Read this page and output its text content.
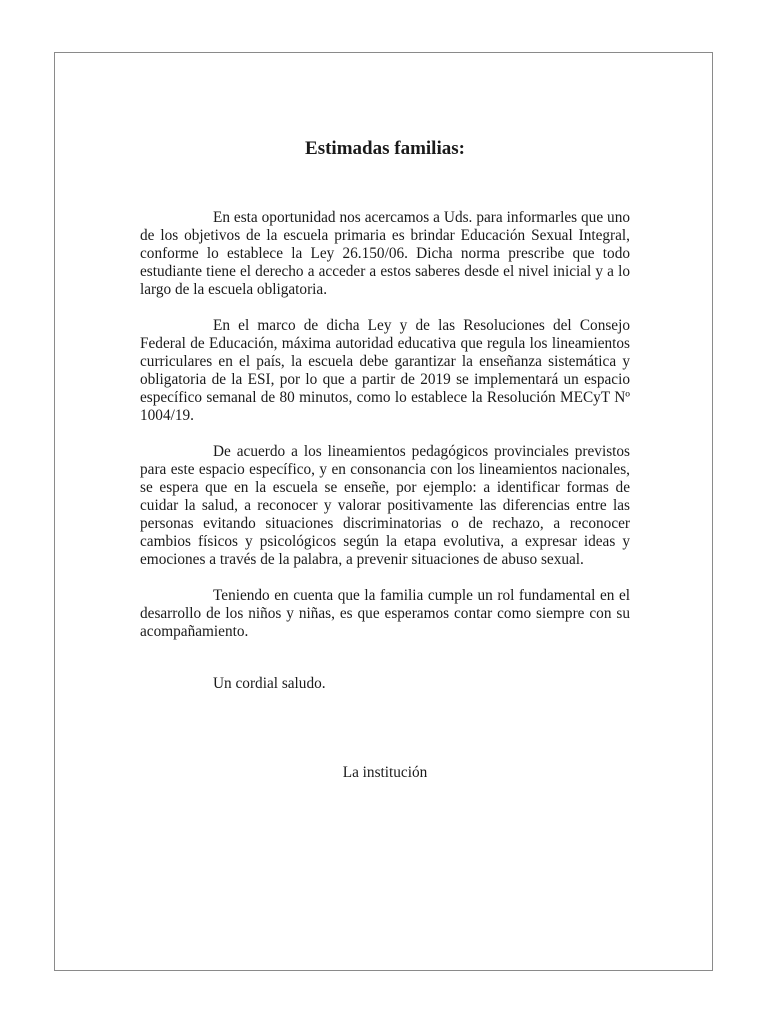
Estimadas familias:

En esta oportunidad nos acercamos a Uds. para informarles que uno de los objetivos de la escuela primaria es brindar Educación Sexual Integral, conforme lo establece la Ley 26.150/06. Dicha norma prescribe que todo estudiante tiene el derecho a acceder a estos saberes desde el nivel inicial y a lo largo de la escuela obligatoria.

En el marco de dicha Ley y de las Resoluciones del Consejo Federal de Educación, máxima autoridad educativa que regula los lineamientos curriculares en el país, la escuela debe garantizar la enseñanza sistemática y obligatoria de la ESI, por lo que a partir de 2019 se implementará un espacio específico semanal de 80 minutos, como lo establece la Resolución MECyT Nº 1004/19.

De acuerdo a los lineamientos pedagógicos provinciales previstos para este espacio específico, y en consonancia con los lineamientos nacionales, se espera que en la escuela se enseñe, por ejemplo: a identificar formas de cuidar la salud, a reconocer y valorar positivamente las diferencias entre las personas evitando situaciones discriminatorias o de rechazo, a reconocer cambios físicos y psicológicos según la etapa evolutiva, a expresar ideas y emociones a través de la palabra, a prevenir situaciones de abuso sexual.

Teniendo en cuenta que la familia cumple un rol fundamental en el desarrollo de los niños y niñas, es que esperamos contar como siempre con su acompañamiento.

Un cordial saludo.

La institución
